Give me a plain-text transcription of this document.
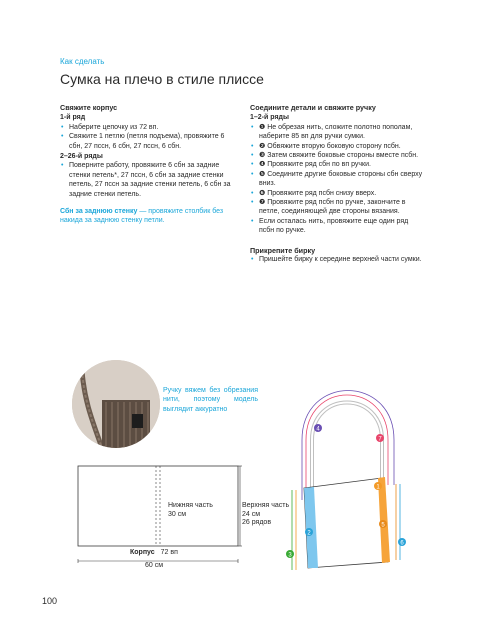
Как сделать
Сумка на плечо в стиле плиссе

Свяжите корпус

1-й ряд

• Наберите цепочку из 72 вп.
• Свяжите 1 петлю (петля подъема), провяжите 6 сбн, 27 пссн, 6 сбн, 27 пссн, 6 сбн.

2–26-й ряды

• Поверните работу, провяжите 6 сбн за задние стенки петель*, 27 пссн, 6 сбн за задние стенки петель, 27 пссн за задние стенки петель, 6 сбн за задние стенки петель.
Сбн за заднюю стенку — провяжите столбик без накида за заднюю стенку петли.

Соедините детали и свяжите ручку

1–2-й ряды

• ❶ Не обрезая нить, сложите полотно пополам, наберите 85 вп для ручки сумки.
• ❷ Обвяжите вторую боковую сторону псбн.
• ❸ Затем свяжите боковые стороны вместе псбн.
• ❹ Провяжите ряд сбн по вп ручки.
• ❺ Соедините другие боковые стороны сбн сверху вниз.
• ❻ Провяжите ряд псбн снизу вверх.
• ❼ Провяжите ряд псбн по ручке, закончите в петле, соединяющей две стороны вязания.
• Если осталась нить, провяжите еще один ряд псбн по ручке.

Прикрепите бирку

• Пришейте бирку к середине верхней части сумки.
Ручку вяжем без обрезания нити, поэтому модель выглядит аккуратно
Нижняя часть
30 см
Верхняя часть
24 см
26 рядов
Корпус 72 вп
60 см
1
2
3
4
5
6
7
100
